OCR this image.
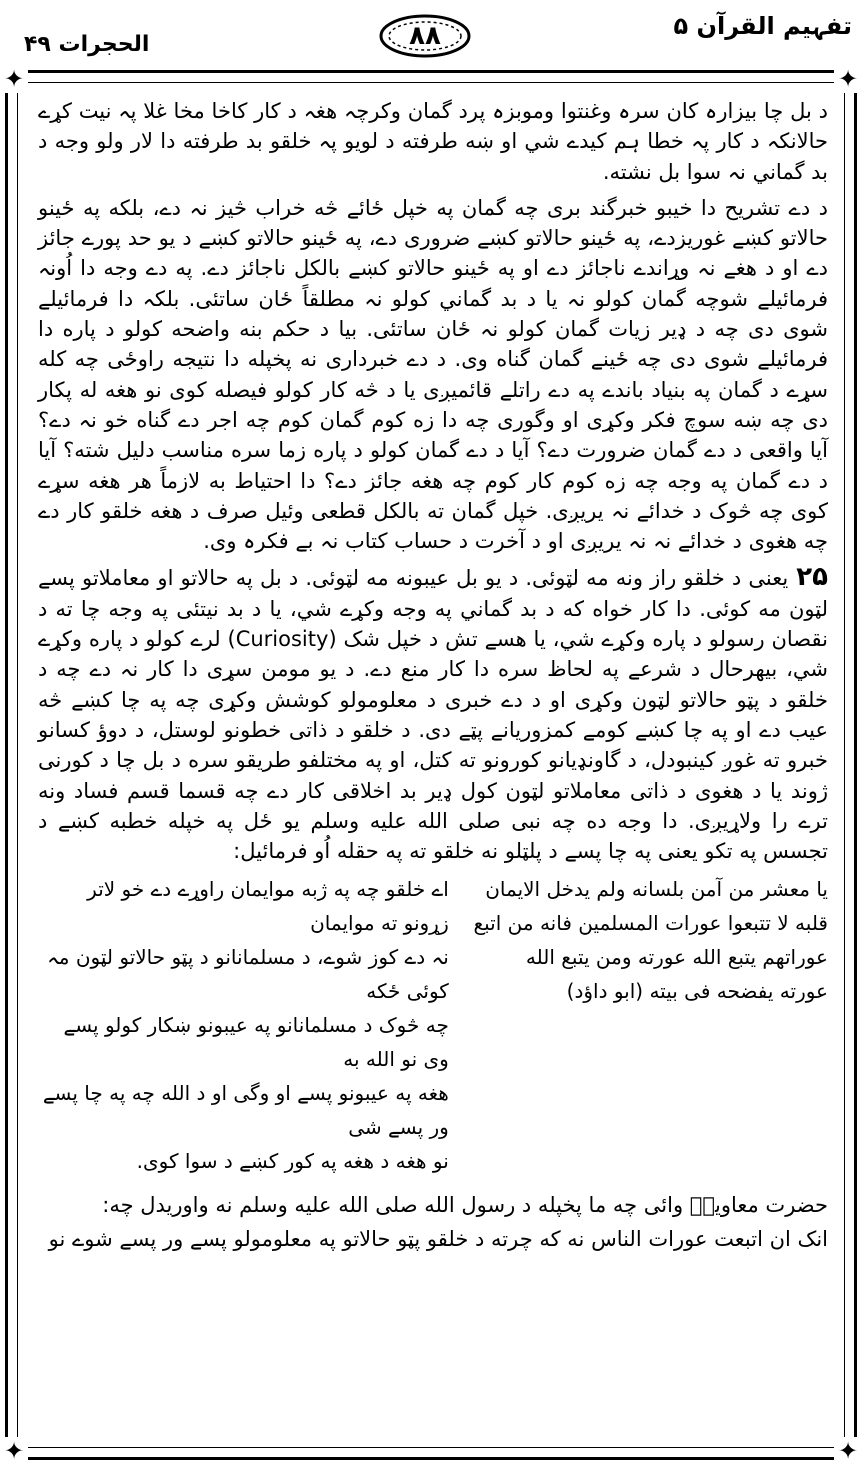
تفہیم القرآن ۵
۸۸
الحجرات ۴۹
✦	✦
✦	✦

د بل چا بیزارہ کان سرہ وغنتوا وموبزہ پرد گمان وکرچہ ھغہ د کار کاخا مخا غلا پہ نیت کړے حالانکہ د کار پہ خطا ہم کیدے شي او ښه طرفته د لویو پہ خلقو بد طرفته دا لار ولو وجه د بد گماني نہ سوا بل نشته.

د دے تشریح دا خیبو خبرگند بری چه گمان په خپل ځائے څه خراب څیز نہ دے، بلکه په ځینو حالاتو کښے غوریزدے، په ځینو حالاتو کښے ضروری دے، په ځینو حالاتو کښے د یو حد پورے جائز دے او د ھغے نہ وړاندے ناجائز دے او په ځینو حالاتو کښے بالکل ناجائز دے. په دے وجه دا اُونہ فرمائیلے شوچه گمان کولو نہ یا د بد گماني کولو نہ مطلقاً ځان ساتئی. بلکہ دا فرمائیلے شوی دی چه د ډیر زیات گمان کولو نہ ځان ساتئی. بیا د حکم بنه واضحه کولو د پاره دا فرمائیلے شوی دی چه ځینے گمان گناه وی. د دے خبرداری نه پخپله دا نتیجه راوځی چه کله سړے د گمان په بنیاد باندے په دے راتلے قائمیږی یا د څه کار کولو فیصله کوی نو ھغه له پکار دی چه ښه سوچ فکر وکړی او وگوری چه دا زه کوم گمان کوم چه اجر دے گناه خو نہ دے؟ آیا واقعی د دے گمان ضرورت دے؟ آیا د دے گمان کولو د پاره زما سره مناسب دلیل شته؟ آیا د دے گمان په وجه چه زه کوم کار کوم چه ھغه جائز دے؟ دا احتیاط به لازماً ھر ھغه سړے کوی چه څوک د خدائے نہ یریږی. خپل گمان ته بالکل قطعی وئیل صرف د ھغه خلقو کار دے چه ھغوی د خدائے نہ نہ یریږی او د آخرت د حساب کتاب نہ بے فکرہ وی.

۲۵یعنی د خلقو راز ونه مه لټوئی. د یو بل عیبونه مه لټوئی. د بل په حالاتو او معاملاتو پسے لټون مه کوئی. دا کار خواه که د بد گماني په وجه وکړے شي، یا د بد نیتئی په وجه چا ته د نقصان رسولو د پاره وکړے شي، یا هسے تش د خپل شک (Curiosity) لرے کولو د پاره وکړے شي، بیهرحال د شرعے په لحاظ سره دا کار منع دے. د یو مومن سړی دا کار نہ دے چه د خلقو د پټو حالاتو لټون وکړی او د دے خبری د معلومولو کوشش وکړی چه په چا کښے څه عیب دے او په چا کښے کومے کمزوریانے پټے دی. د خلقو د ذاتی خطونو لوستل، د دوؤ کسانو خبرو ته غوږ کینبودل، د گاونډیانو کورونو ته کتل، او په مختلفو طریقو سره د بل چا د کورنی ژوند یا د ھغوی د ذاتی معاملاتو لټون کول ډیر بد اخلاقی کار دے چه قسما قسم فساد ونه ترے را ولاړیږی. دا وجه ده چه نبی صلی الله علیه وسلم یو ځل په خپله خطبه کښے د تجسس په تکو یعنی په چا پسے د پلټلو نه خلقو ته په حقله اُو فرمائیل:

یا معشر من آمن بلسانه ولم یدخل الایمان

قلبه لا تتبعوا عورات المسلمین فانه من اتبع

عوراتهم یتبع الله عورته ومن یتبع الله

عورته یفضحه فی بیته (ابو داؤد)

اے خلقو چه په ژبه موایمان راوړے دے خو لاتر زړونو ته موایمان

نہ دے کوز شوے، د مسلمانانو د پټو حالاتو لټون مہ کوئی ځکه

چه څوک د مسلمانانو په عیبونو ښکار کولو پسے وی نو الله به

ھغه په عیبونو پسے او وگی او د الله چه په چا پسے ور پسے شی

نو ھغه د ھغه په کور کښے د سوا کوی.

حضرت معاویہؓ وائی چه ما پخپله د رسول الله صلی الله علیه وسلم نه واوریدل چه:

انک ان اتبعت عورات الناس نه که چرته د خلقو پټو حالاتو په معلومولو پسے ور پسے شوے نو
